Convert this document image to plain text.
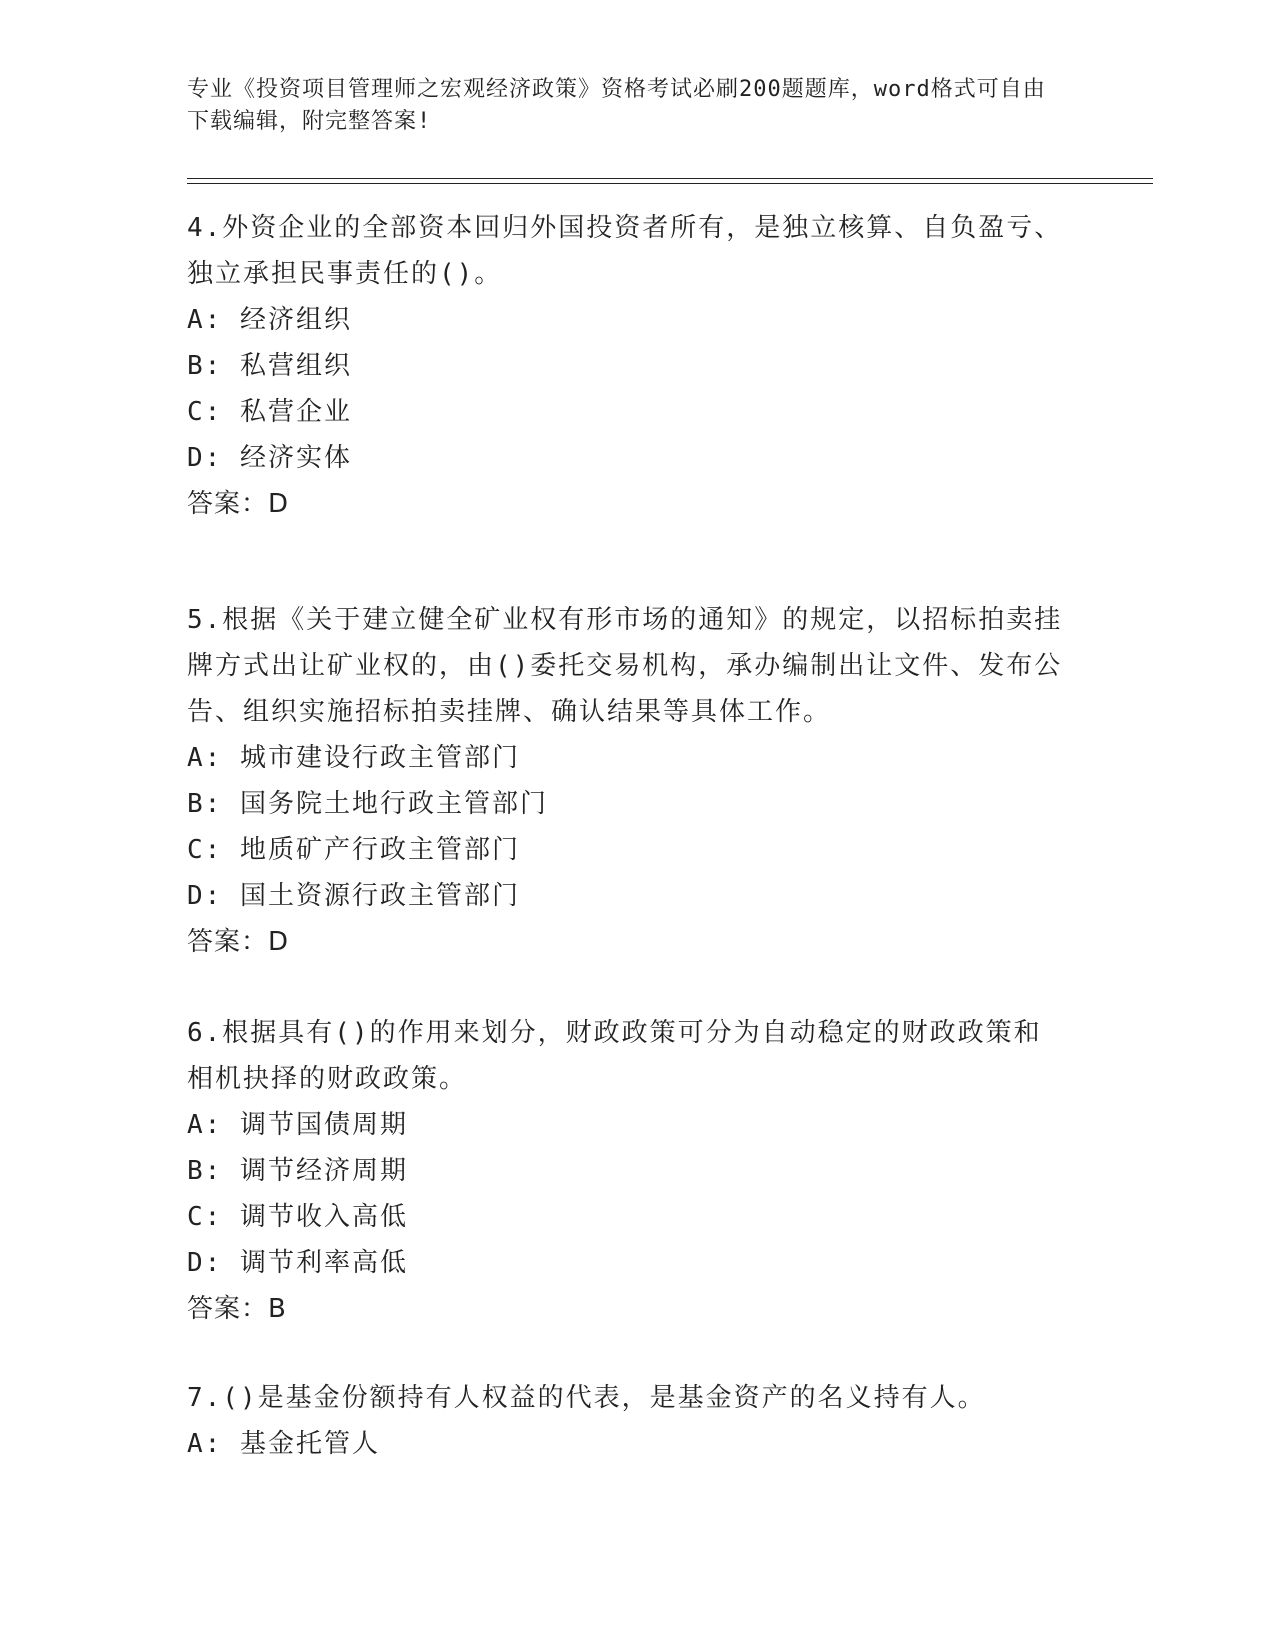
专业《投资项目管理师之宏观经济政策》资格考试必刷200题题库，word格式可自由下载编辑，附完整答案!

4.外资企业的全部资本回归外国投资者所有，是独立核算、自负盈亏、独立承担民事责任的()。

A: 经济组织

B: 私营组织

C: 私营企业

D: 经济实体

答案：D

5.根据《关于建立健全矿业权有形市场的通知》的规定，以招标拍卖挂牌方式出让矿业权的，由()委托交易机构，承办编制出让文件、发布公告、组织实施招标拍卖挂牌、确认结果等具体工作。

A: 城市建设行政主管部门

B: 国务院土地行政主管部门

C: 地质矿产行政主管部门

D: 国土资源行政主管部门

答案：D

6.根据具有()的作用来划分，财政政策可分为自动稳定的财政政策和相机抉择的财政政策。

A: 调节国债周期

B: 调节经济周期

C: 调节收入高低

D: 调节利率高低

答案：B

7.()是基金份额持有人权益的代表，是基金资产的名义持有人。

A: 基金托管人
